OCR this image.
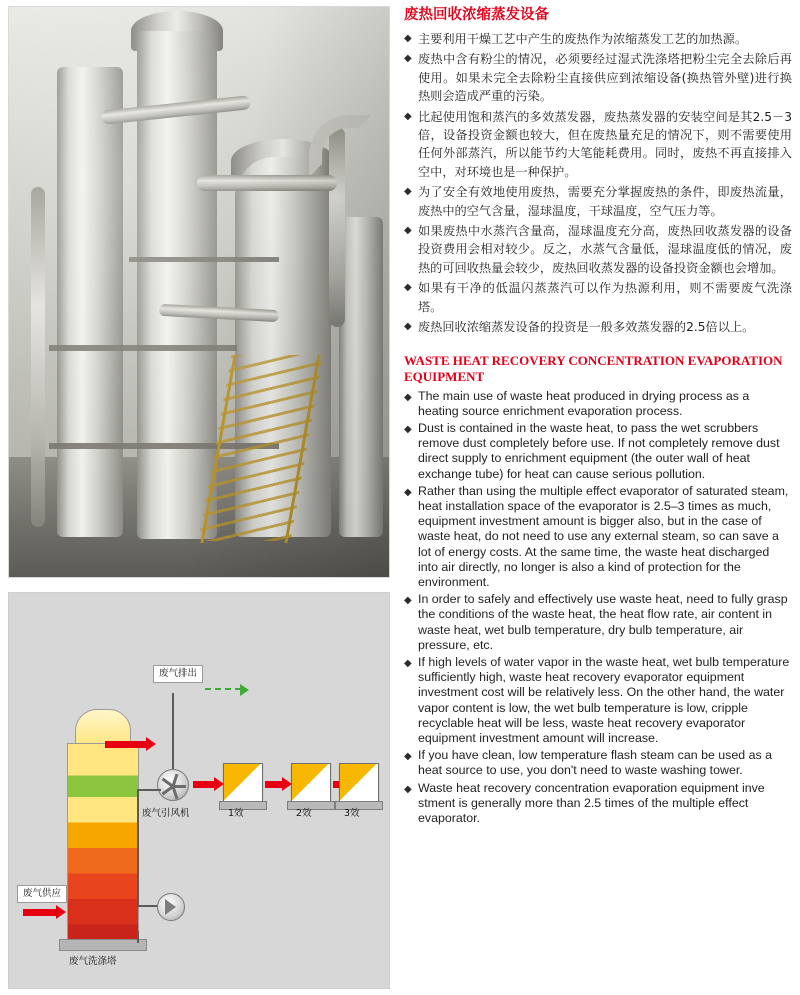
废气排出
废气引风机
废气洗涤塔
废气供应
1效	2效	3效
废热回收浓缩蒸发设备
◆ 主要利用干燥工艺中产生的废热作为浓缩蒸发工艺的加热源。
◆ 废热中含有粉尘的情况，必须要经过湿式洗涤塔把粉尘完全去除后再使用。如果未完全去除粉尘直接供应到浓缩设备(换热管外壁)进行换热则会造成严重的污染。
◆ 比起使用饱和蒸汽的多效蒸发器，废热蒸发器的安装空间是其2.5－3倍，设备投资金额也较大，但在废热量充足的情况下，则不需要使用任何外部蒸汽，所以能节约大笔能耗费用。同时，废热不再直接排入空中，对环境也是一种保护。
◆ 为了安全有效地使用废热，需要充分掌握废热的条件，即废热流量，废热中的空气含量，湿球温度，干球温度，空气压力等。
◆ 如果废热中水蒸汽含量高，湿球温度充分高，废热回收蒸发器的设备投资费用会相对较少。反之，水蒸气含量低，湿球温度低的情况，废热的可回收热量会较少，废热回收蒸发器的设备投资金额也会增加。
◆ 如果有干净的低温闪蒸蒸汽可以作为热源利用，则不需要废气洗涤塔。
◆ 废热回收浓缩蒸发设备的投资是一般多效蒸发器的2.5倍以上。
WASTE HEAT RECOVERY CONCENTRATION EVAPORATION EQUIPMENT
◆ The main use of waste heat produced in drying process as a heating source enrichment evaporation process.
◆ Dust is contained in the waste heat, to pass the wet scrubbers remove dust completely before use. If not completely remove dust direct supply to enrichment equipment (the outer wall of heat exchange tube) for heat can cause serious pollution.
◆ Rather than using the multiple effect evaporator of saturated steam, heat installation space of the evaporator is 2.5–3 times as much, equipment investment amount is bigger also, but in the case of waste heat, do not need to use any external steam, so can save a lot of energy costs. At the same time, the waste heat discharged into air directly, no longer is also a kind of protection for the environment.
◆ In order to safely and effectively use waste heat, need to fully grasp the conditions of the waste heat, the heat flow rate, air content in waste heat, wet bulb temperature, dry bulb temperature, air pressure, etc.
◆ If high levels of water vapor in the waste heat, wet bulb temperature sufficiently high, waste heat recovery evaporator equipment investment cost will be relatively less. On the other hand, the water vapor content is low, the wet bulb temperature is low, cripple recyclable heat will be less, waste heat recovery evaporator equipment investment amount will increase.
◆ If you have clean, low temperature flash steam can be used as a heat source to use, you don't need to waste washing tower.
◆ Waste heat recovery concentration evaporation equipment inve stment is generally more than 2.5 times of the multiple effect evaporator.
